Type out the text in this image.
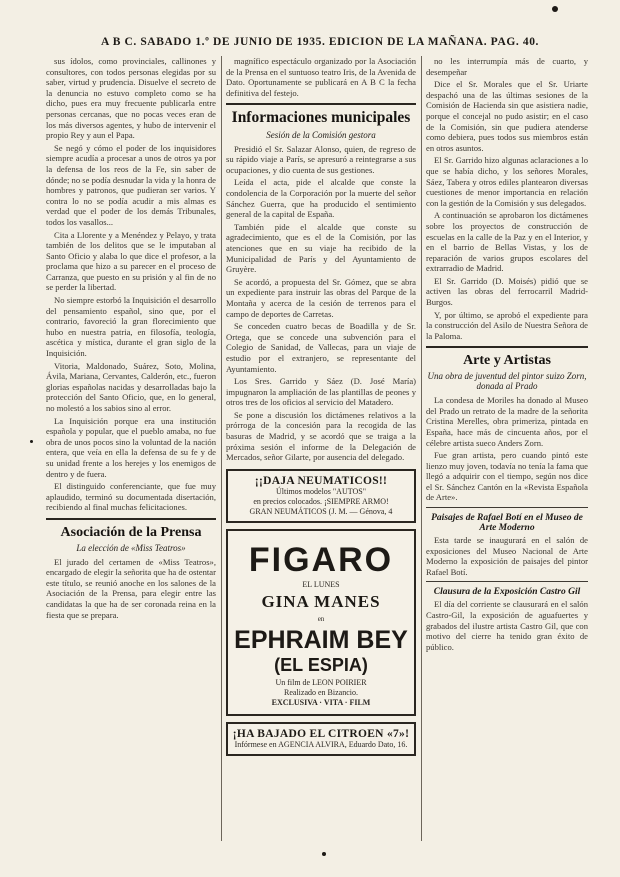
A B C. SABADO 1.º DE JUNIO DE 1935. EDICION DE LA MAÑANA. PAG. 40.

sus ídolos, como provinciales, callinones y consultores, con todos personas elegidas por su saber, virtud y prudencia. Disuelve el secreto de la denuncia no estuvo completo como se ha dicho, pues era muy frecuente publicarla entre personas cercanas, que no pocas veces eran de los más diversos agentes, y hubo de intervenir el propio Rey y aun el Papa.

Se negó y cómo el poder de los inquisidores siempre acudía a procesar a unos de otros ya por la defensa de los reos de la Fe, sin saber de dónde; no se podía desnudar la vida y la honra de hombres y patronos, que pudieran ser varios. Y contra lo no se podía acudir a mis almas es verdad que el poder de los demás Tribunales, todos los vasallos...

Cita a Llorente y a Menéndez y Pelayo, y trata también de los delitos que se le imputaban al Santo Oficio y alaba lo que dice el profesor, a la proclama que hizo a su parecer en el proceso de Carranza, que puesto en su prisión y al fin de no se perder la libertad.

No siempre estorbó la Inquisición el desarrollo del pensamiento español, sino que, por el contrario, favoreció la gran florecimiento que hubo en nuestra patria, en filosofía, teología, ascética y mística, durante el gran siglo de la Inquisición.

Vitoria, Maldonado, Suárez, Soto, Molina, Ávila, Mariana, Cervantes, Calderón, etc., fueron glorias españolas nacidas y desarrolladas bajo la protección del Santo Oficio, que, en lo general, no molestó a los sabios sino al error.

La Inquisición porque era una institución española y popular, que el pueblo amaba, no fue obra de unos pocos sino la voluntad de la nación entera, que veía en ella la defensa de su fe y de su unidad frente a los herejes y los enemigos de dentro y de fuera.

El distinguido conferenciante, que fue muy aplaudido, terminó su documentada disertación, recibiendo al final muchas felicitaciones.

Asociación de la Prensa
La elección de «Miss Teatros»

El jurado del certamen de «Miss Teatros», encargado de elegir la señorita que ha de ostentar este título, se reunió anoche en los salones de la Asociación de la Prensa, para elegir entre las candidatas la que ha de ser coronada reina en la fiesta que se prepara.

magnífico espectáculo organizado por la Asociación de la Prensa en el suntuoso teatro Iris, de la Avenida de Dato. Oportunamente se publicará en A B C la fecha definitiva del festejo.

Informaciones municipales
Sesión de la Comisión gestora

Presidió el Sr. Salazar Alonso, quien, de regreso de su rápido viaje a París, se apresuró a reintegrarse a sus ocupaciones, y dio cuenta de sus gestiones.

Leída el acta, pide el alcalde que conste la condolencia de la Corporación por la muerte del señor Sánchez Guerra, que ha producido el sentimiento general de la capital de España.

También pide el alcalde que conste su agradecimiento, que es el de la Comisión, por las atenciones que en su viaje ha recibido de la Municipalidad de París y del Ayuntamiento de Gruyère.

Se acordó, a propuesta del Sr. Gómez, que se abra un expediente para instruir las obras del Parque de la Montaña y acerca de la cesión de terrenos para el campo de deportes de Carretas.

Se conceden cuatro becas de Boadilla y de Sr. Ortega, que se concede una subvención para el Colegio de Sanidad, de Vallecas, para un viaje de estudio por el extranjero, se representante del Ayuntamiento.

Los Sres. Garrido y Sáez (D. José María) impugnaron la ampliación de las plantillas de peones y otros tres de los oficios al servicio del Matadero.

Se pone a discusión los dictámenes relativos a la prórroga de la concesión para la recogida de las basuras de Madrid, y se acordó que se traiga a la próxima sesión el informe de la Delegación de Mercados, señor Gilarte, por ausencia del delegado.

¡¡DAJA NEUMATICOS!!
Últimos modelos "AUTOS"
en precios colocados. ¡SIEMPRE ARMO!
GRAN NEUMÁTICOS (J. M. — Génova, 4
FIGARO
EL LUNES
GINA MANES
en
EPHRAIM BEY
(EL ESPIA)
Un film de LEON POIRIER
Realizado en Bizancio.
EXCLUSIVA · VITA · FILM
¡HA BAJADO EL CITROEN «7»!
Infórmese en AGENCIA ALVIRA, Eduardo Dato, 16.

no les interrumpía más de cuarto, y desempeñar

Dice el Sr. Morales que el Sr. Uriarte despachó una de las últimas sesiones de la Comisión de Hacienda sin que asistiera nadie, porque el concejal no pudo asistir; en el caso de la Comisión, sin que pudiera atenderse como debiera, pues todos sus miembros están en otros asuntos.

El Sr. Garrido hizo algunas aclaraciones a lo que se había dicho, y los señores Morales, Sáez, Tabera y otros ediles plantearon diversas cuestiones de menor importancia en relación con la gestión de la Comisión y sus delegados.

A continuación se aprobaron los dictámenes sobre los proyectos de construcción de escuelas en la calle de la Paz y en el Interior, y en el barrio de Bellas Vistas, y los de reparación de varios grupos escolares del extrarradio de Madrid.

El Sr. Garrido (D. Moisés) pidió que se activen las obras del ferrocarril Madrid-Burgos.

Y, por último, se aprobó el expediente para la construcción del Asilo de Nuestra Señora de la Paloma.

Arte y Artistas
Una obra de juventud del pintor suizo Zorn, donada al Prado

La condesa de Moriles ha donado al Museo del Prado un retrato de la madre de la señorita Cristina Merelles, obra primeriza, pintada en España, hace más de cincuenta años, por el célebre artista sueco Anders Zorn.

Fue gran artista, pero cuando pintó este lienzo muy joven, todavía no tenía la fama que llegó a adquirir con el tiempo, según nos dice el Sr. Sánchez Cantón en la «Revista Española de Arte».

Paisajes de Rafael Botí en el Museo de Arte Moderno

Esta tarde se inaugurará en el salón de exposiciones del Museo Nacional de Arte Moderno la exposición de paisajes del pintor Rafael Botí.

Clausura de la Exposición Castro Gil

El día del corriente se clausurará en el salón Castro-Gil, la exposición de aguafuertes y grabados del ilustre artista Castro Gil, que con motivo del cierre ha tenido gran éxito de público.
